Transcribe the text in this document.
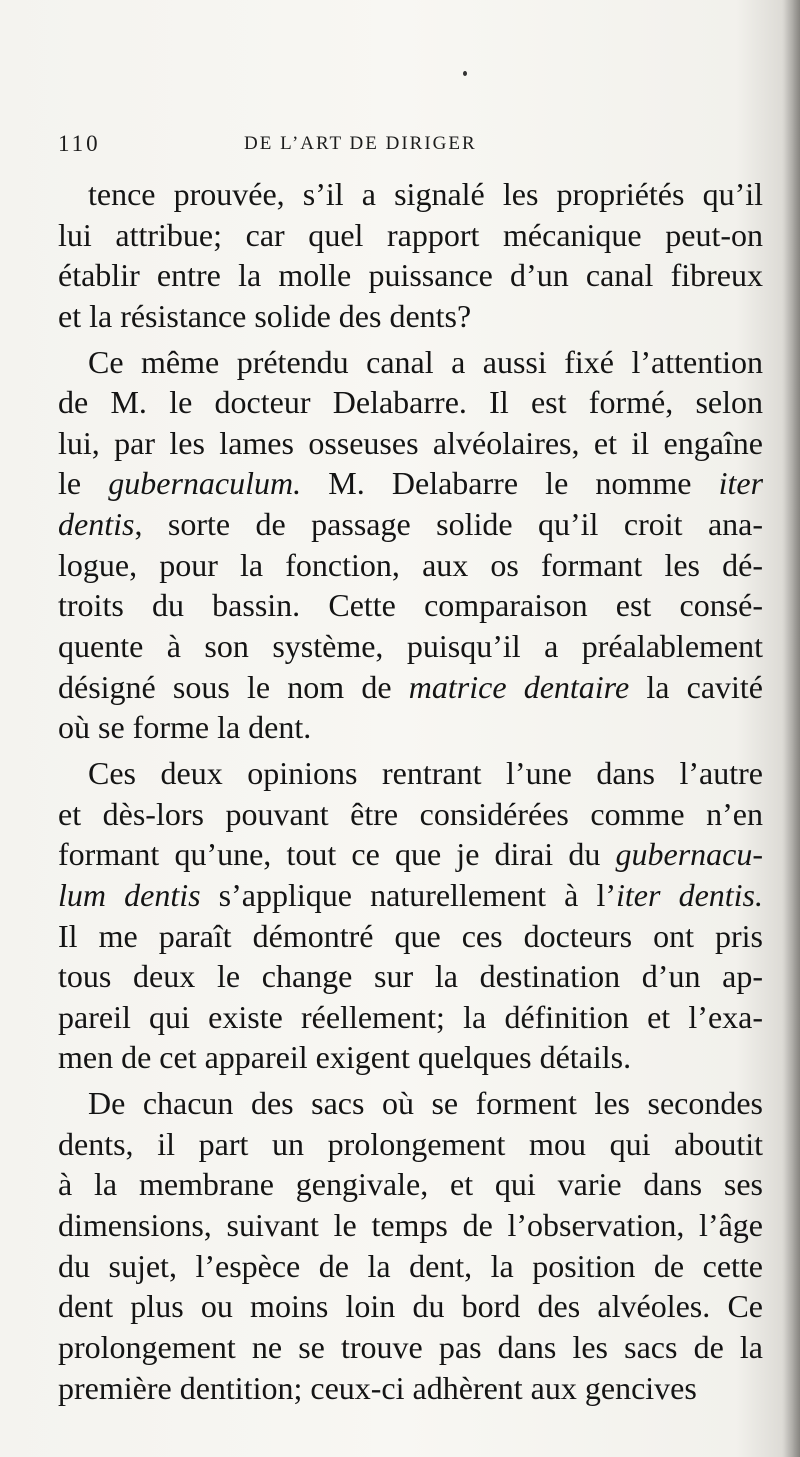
110	DE L’ART DE DIRIGER
tence prouvée, s’il a signalé les propriétés qu’il
lui attribue; car quel rapport mécanique peut-on
établir entre la molle puissance d’un canal fibreux
et la résistance solide des dents?
Ce même prétendu canal a aussi fixé l’attention
de M. le docteur Delabarre. Il est formé, selon
lui, par les lames osseuses alvéolaires, et il engaîne
le gubernaculum. M. Delabarre le nomme iter
dentis, sorte de passage solide qu’il croit ana-
logue, pour la fonction, aux os formant les dé-
troits du bassin. Cette comparaison est consé-
quente à son système, puisqu’il a préalablement
désigné sous le nom de matrice dentaire la cavité
où se forme la dent.
Ces deux opinions rentrant l’une dans l’autre
et dès-lors pouvant être considérées comme n’en
formant qu’une, tout ce que je dirai du gubernacu-
lum dentis s’applique naturellement à l’iter dentis.
Il me paraît démontré que ces docteurs ont pris
tous deux le change sur la destination d’un ap-
pareil qui existe réellement; la définition et l’exa-
men de cet appareil exigent quelques détails.
De chacun des sacs où se forment les secondes
dents, il part un prolongement mou qui aboutit
à la membrane gengivale, et qui varie dans ses
dimensions, suivant le temps de l’observation, l’âge
du sujet, l’espèce de la dent, la position de cette
dent plus ou moins loin du bord des alvéoles. Ce
prolongement ne se trouve pas dans les sacs de la
première dentition; ceux-ci adhèrent aux gencives
